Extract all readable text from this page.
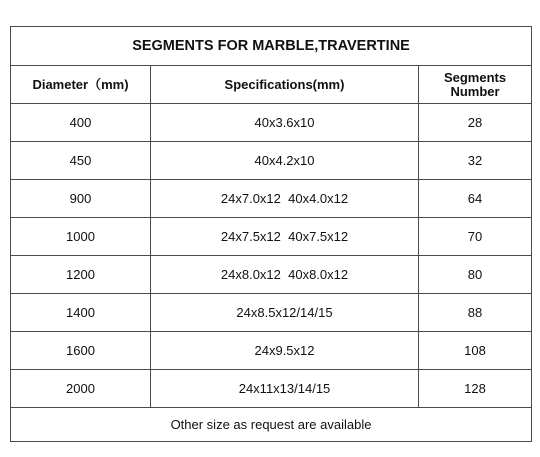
SEGMENTS FOR MARBLE,TRAVERTINE		
Diameter（mm)	Specifications(mm)	Segments
Number
400	40x3.6x10	28
450	40x4.2x10	32
900	24x7.0x12  40x4.0x12	64
1000	24x7.5x12  40x7.5x12	70
1200	24x8.0x12  40x8.0x12	80
1400	24x8.5x12/14/15	88
1600	24x9.5x12	108
2000	24x11x13/14/15	128
Other size as request are available		
